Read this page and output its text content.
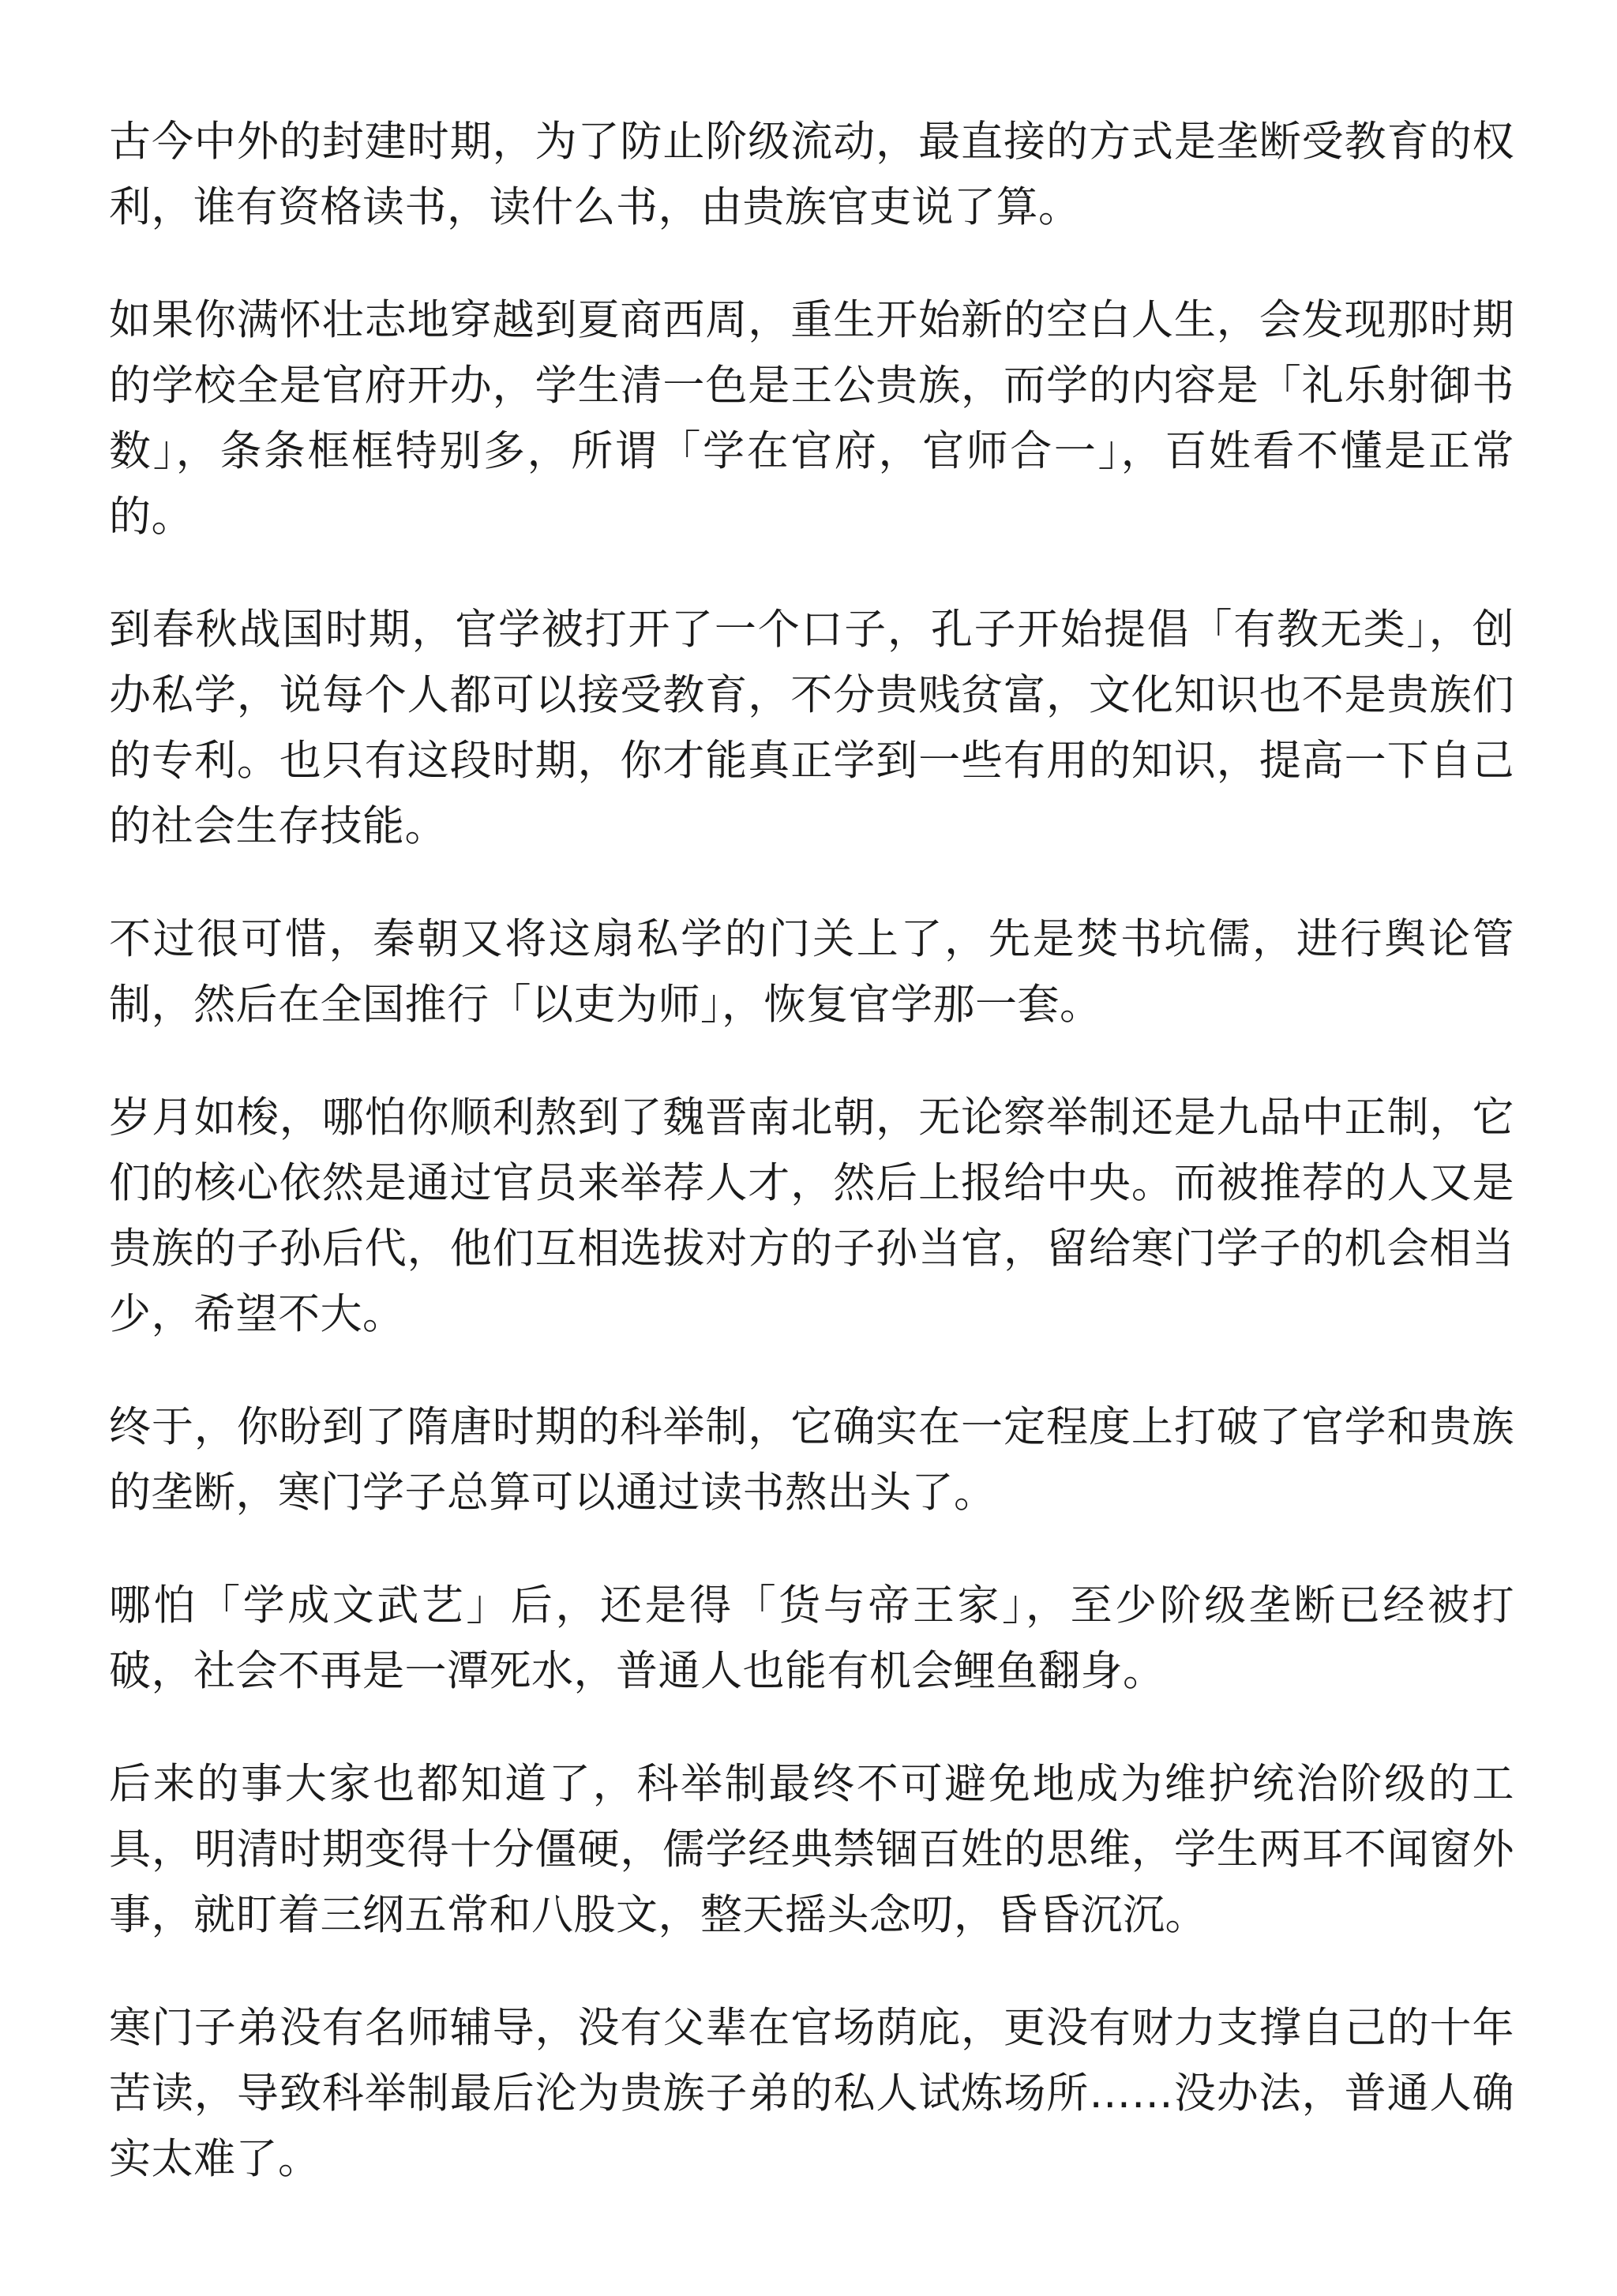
古今中外的封建时期，为了防止阶级流动，最直接的方式是垄断受教育的权利，谁有资格读书，读什么书，由贵族官吏说了算。

如果你满怀壮志地穿越到夏商西周，重生开始新的空白人生，会发现那时期的学校全是官府开办，学生清一色是王公贵族，而学的内容是「礼乐射御书数」，条条框框特别多，所谓「学在官府，官师合一」，百姓看不懂是正常的。

到春秋战国时期，官学被打开了一个口子，孔子开始提倡「有教无类」，创办私学，说每个人都可以接受教育，不分贵贱贫富，文化知识也不是贵族们的专利。也只有这段时期，你才能真正学到一些有用的知识，提高一下自己的社会生存技能。

不过很可惜，秦朝又将这扇私学的门关上了，先是焚书坑儒，进行舆论管制，然后在全国推行「以吏为师」，恢复官学那一套。

岁月如梭，哪怕你顺利熬到了魏晋南北朝，无论察举制还是九品中正制，它们的核心依然是通过官员来举荐人才，然后上报给中央。而被推荐的人又是贵族的子孙后代，他们互相选拔对方的子孙当官，留给寒门学子的机会相当少，希望不大。

终于，你盼到了隋唐时期的科举制，它确实在一定程度上打破了官学和贵族的垄断，寒门学子总算可以通过读书熬出头了。

哪怕「学成文武艺」后，还是得「货与帝王家」，至少阶级垄断已经被打破，社会不再是一潭死水，普通人也能有机会鲤鱼翻身。

后来的事大家也都知道了，科举制最终不可避免地成为维护统治阶级的工具，明清时期变得十分僵硬，儒学经典禁锢百姓的思维，学生两耳不闻窗外事，就盯着三纲五常和八股文，整天摇头念叨，昏昏沉沉。

寒门子弟没有名师辅导，没有父辈在官场荫庇，更没有财力支撑自己的十年苦读，导致科举制最后沦为贵族子弟的私人试炼场所……没办法，普通人确实太难了。
